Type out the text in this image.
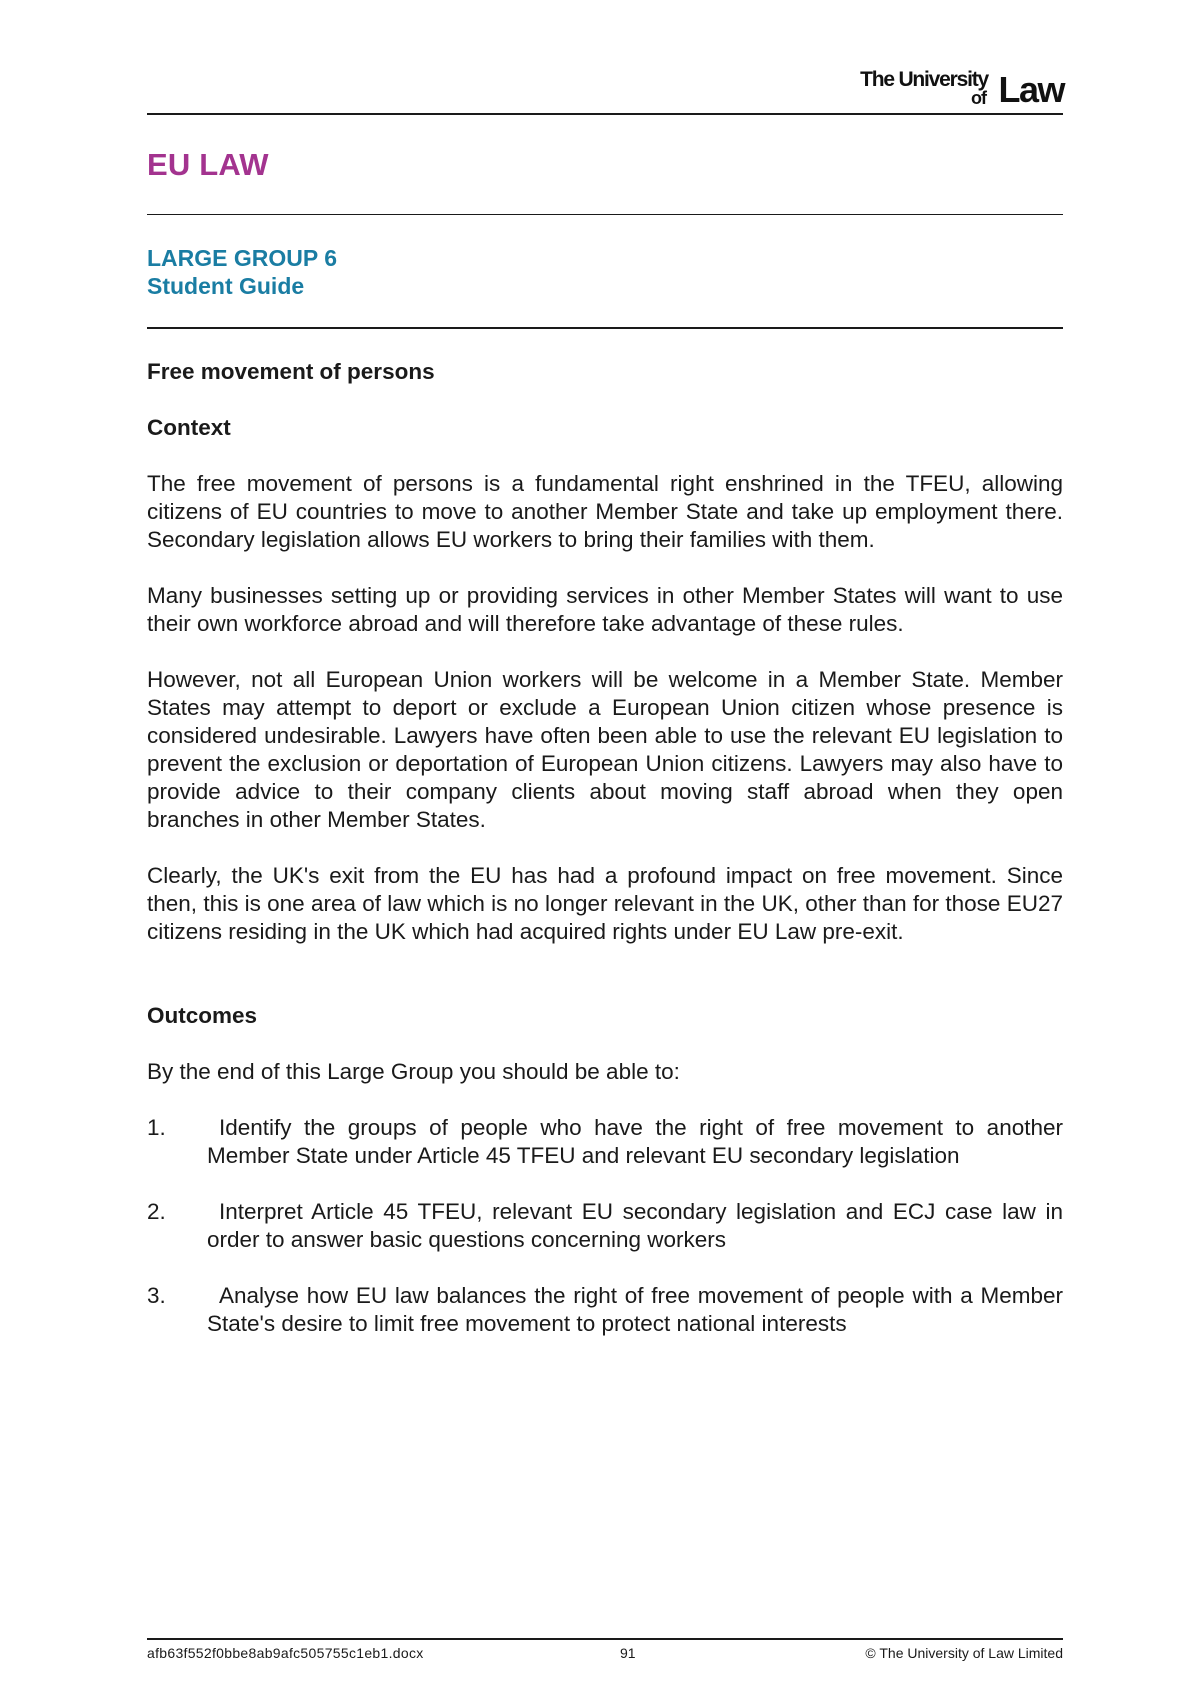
The University
of Law
EU LAW
LARGE GROUP 6
Student Guide
Free movement of persons
Context

The free movement of persons is a fundamental right enshrined in the TFEU, allowing citizens of EU countries to move to another Member State and take up employment there. Secondary legislation allows EU workers to bring their families with them.

Many businesses setting up or providing services in other Member States will want to use their own workforce abroad and will therefore take advantage of these rules.

However, not all European Union workers will be welcome in a Member State. Member States may attempt to deport or exclude a European Union citizen whose presence is considered undesirable. Lawyers have often been able to use the relevant EU legislation to prevent the exclusion or deportation of European Union citizens. Lawyers may also have to provide advice to their company clients about moving staff abroad when they open branches in other Member States.

Clearly, the UK's exit from the EU has had a profound impact on free movement. Since then, this is one area of law which is no longer relevant in the UK, other than for those EU27 citizens residing in the UK which had acquired rights under EU Law pre-exit.

Outcomes

By the end of this Large Group you should be able to:

1.	Identify the groups of people who have the right of free movement to another Member State under Article 45 TFEU and relevant EU secondary legislation
2.	Interpret Article 45 TFEU, relevant EU secondary legislation and ECJ case law in order to answer basic questions concerning workers
3.	Analyse how EU law balances the right of free movement of people with a Member State's desire to limit free movement to protect national interests
afb63f552f0bbe8ab9afc505755c1eb1.docx	91	© The University of Law Limited
